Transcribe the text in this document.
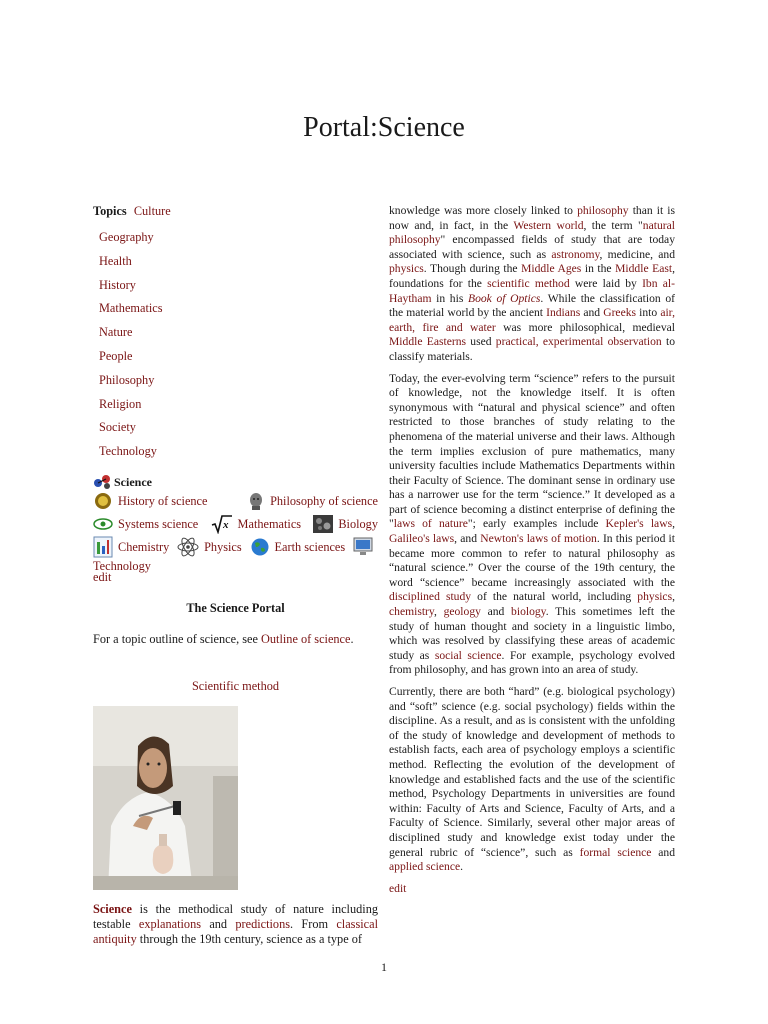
Portal:Science
Topics Culture
Geography
Health
History
Mathematics
Nature
People
Philosophy
Religion
Society
Technology
Science
History of science	Philosophy of science
Systems science x Mathematics	Biology
Chemistry	Physics	Earth sciences
Technology
edit
The Science Portal
For a topic outline of science, see Outline of science.
Scientific method
Science is the methodical study of nature including testable explanations and predictions. From classical antiquity through the 19th century, science as a type of

knowledge was more closely linked to philosophy than it is now and, in fact, in the Western world, the term "natural philosophy" encompassed fields of study that are today associated with science, such as astronomy, medicine, and physics. Though during the Middle Ages in the Middle East, foundations for the scientific method were laid by Ibn al-Haytham in his Book of Optics. While the classification of the material world by the ancient Indians and Greeks into air, earth, fire and water was more philosophical, medieval Middle Easterns used practical, experimental observation to classify materials.

Today, the ever-evolving term “science” refers to the pursuit of knowledge, not the knowledge itself. It is often synonymous with “natural and physical science” and often restricted to those branches of study relating to the phenomena of the material universe and their laws. Although the term implies exclusion of pure mathematics, many university faculties include Mathematics Departments within their Faculty of Science. The dominant sense in ordinary use has a narrower use for the term “science.” It developed as a part of science becoming a distinct enterprise of defining the "laws of nature"; early examples include Kepler's laws, Galileo's laws, and Newton's laws of motion. In this period it became more common to refer to natural philosophy as “natural science.” Over the course of the 19th century, the word “science” became increasingly associated with the disciplined study of the natural world, including physics, chemistry, geology and biology. This sometimes left the study of human thought and society in a linguistic limbo, which was resolved by classifying these areas of academic study as social science. For example, psychology evolved from philosophy, and has grown into an area of study.

Currently, there are both “hard” (e.g. biological psychology) and “soft” science (e.g. social psychology) fields within the discipline. As a result, and as is consistent with the unfolding of the study of knowledge and development of methods to establish facts, each area of psychology employs a scientific method. Reflecting the evolution of the development of knowledge and established facts and the use of the scientific method, Psychology Departments in universities are found within: Faculty of Arts and Science, Faculty of Arts, and a Faculty of Science. Similarly, several other major areas of disciplined study and knowledge exist today under the general rubric of “science”, such as formal science and applied science.

edit

1
